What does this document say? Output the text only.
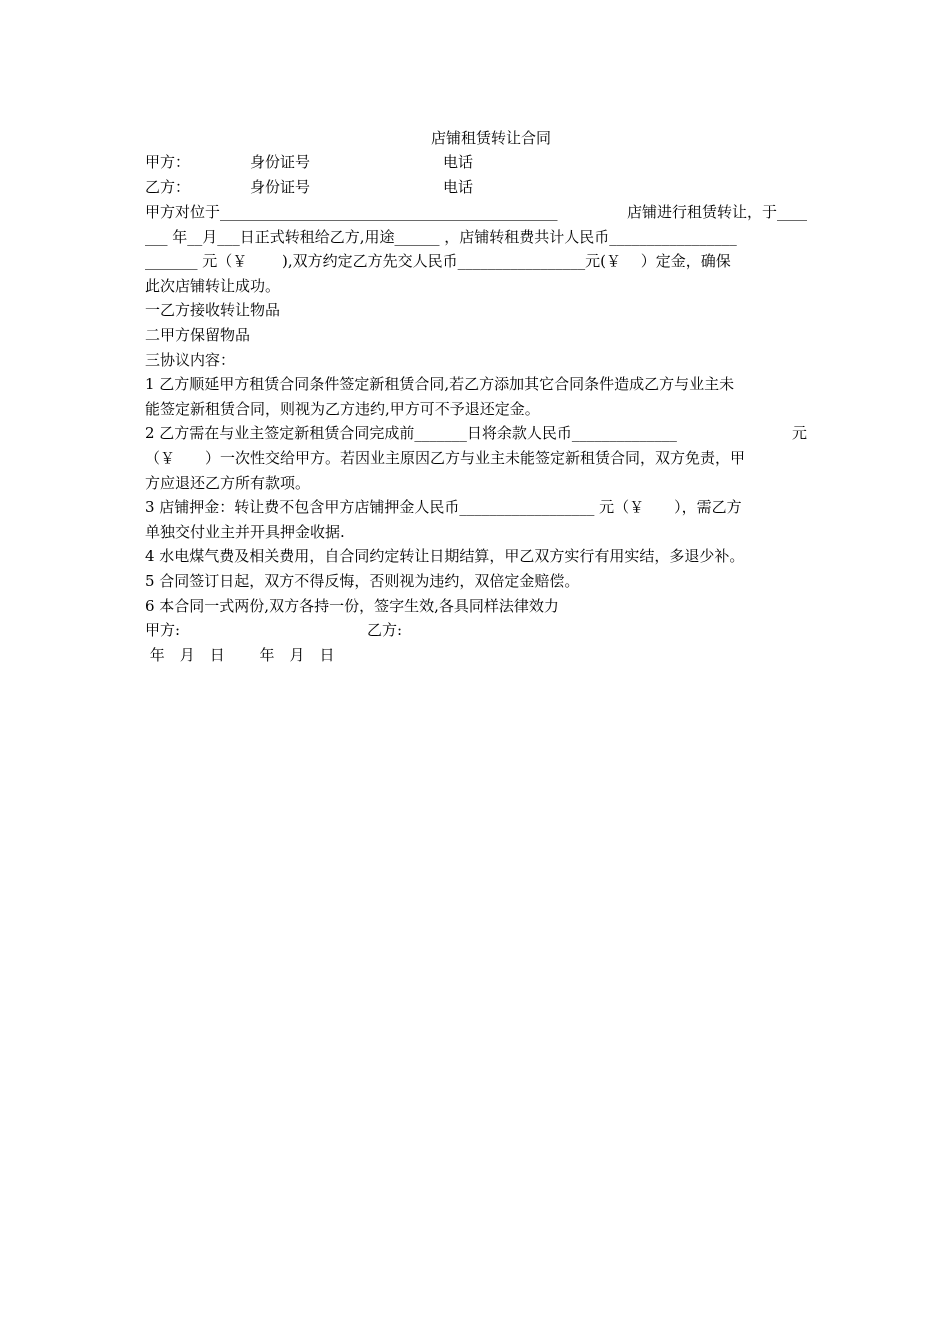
店铺租赁转让合同
甲方：	身份证号	电话
乙方：	身份证号	电话
甲方对位于_____________________________________________	店铺进行租赁转让，于____
___ 年__月___日正式转租给乙方,用途______ ，店铺转租费共计人民币_________________
_______ 元（￥　　 ),双方约定乙方先交人民币_________________元(￥　 ）定金，确保
此次店铺转让成功。
一乙方接收转让物品
二甲方保留物品
三协议内容：
1 乙方顺延甲方租赁合同条件签定新租赁合同,若乙方添加其它合同条件造成乙方与业主未
能签定新租赁合同，则视为乙方违约,甲方可不予退还定金。
2 乙方需在与业主签定新租赁合同完成前_______日将余款人民币______________	元
（￥　　）一次性交给甲方。若因业主原因乙方与业主未能签定新租赁合同，双方免责，甲
方应退还乙方所有款项。
3 店铺押金：转让费不包含甲方店铺押金人民币__________________ 元（￥　　），需乙方
单独交付业主并开具押金收据.
4 水电煤气费及相关费用，自合同约定转让日期结算，甲乙双方实行有用实结，多退少补。
5 合同签订日起，双方不得反悔，否则视为违约，双倍定金赔偿。
6 本合同一式两份,双方各持一份，签字生效,各具同样法律效力
甲方:	乙方:
年　月　日　　 年　月　日
